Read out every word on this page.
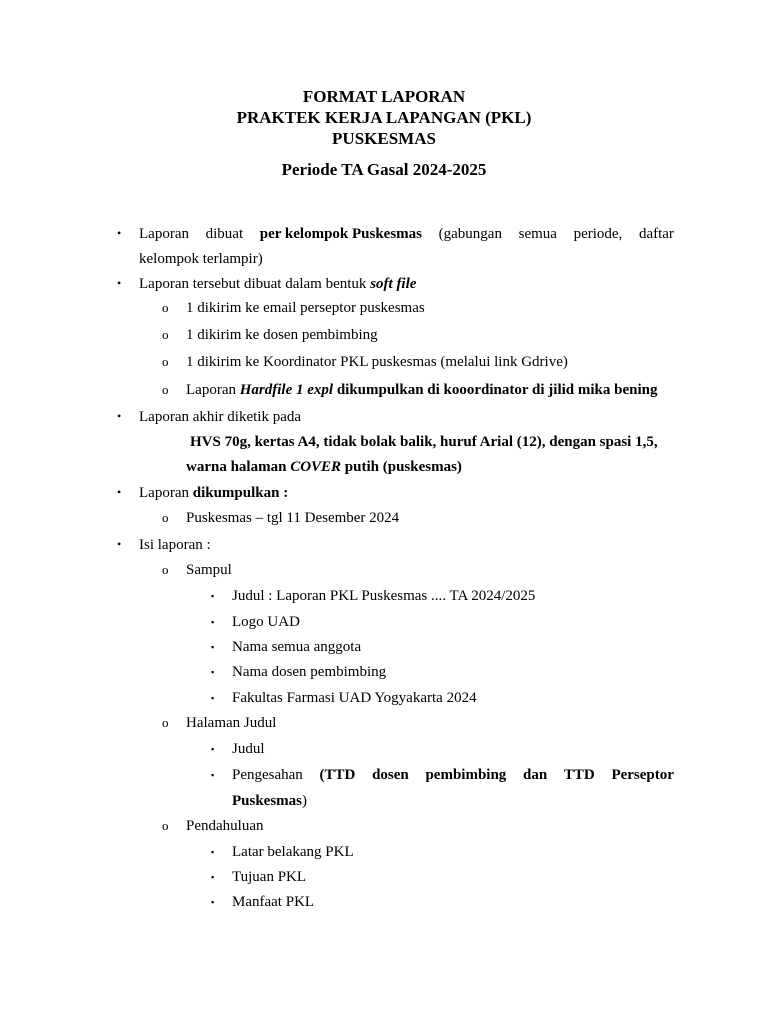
FORMAT LAPORAN
PRAKTEK KERJA LAPANGAN (PKL)
PUSKESMAS
Periode TA Gasal 2024-2025
• Laporan dibuat per kelompok Puskesmas (gabungan semua periode, daftar
kelompok terlampir)
• Laporan tersebut dibuat dalam bentuk soft file
o 1 dikirim ke email perseptor puskesmas
o 1 dikirim ke dosen pembimbing
o 1 dikirim ke Koordinator PKL puskesmas (melalui link Gdrive)
o Laporan Hardfile 1 expl dikumpulkan di kooordinator di jilid mika bening
• Laporan akhir diketik pada
HVS 70g, kertas A4, tidak bolak balik, huruf Arial (12), dengan spasi 1,5,
warna halaman COVER putih (puskesmas)
• Laporan dikumpulkan :
o Puskesmas – tgl 11 Desember 2024
• Isi laporan :
o Sampul
▪ Judul : Laporan PKL Puskesmas .... TA 2024/2025
▪ Logo UAD
▪ Nama semua anggota
▪ Nama dosen pembimbing
▪ Fakultas Farmasi UAD Yogyakarta 2024
o Halaman Judul
▪ Judul
▪ Pengesahan (TTD dosen pembimbing dan TTD Perseptor
Puskesmas)
o Pendahuluan
▪ Latar belakang PKL
▪ Tujuan PKL
▪ Manfaat PKL
